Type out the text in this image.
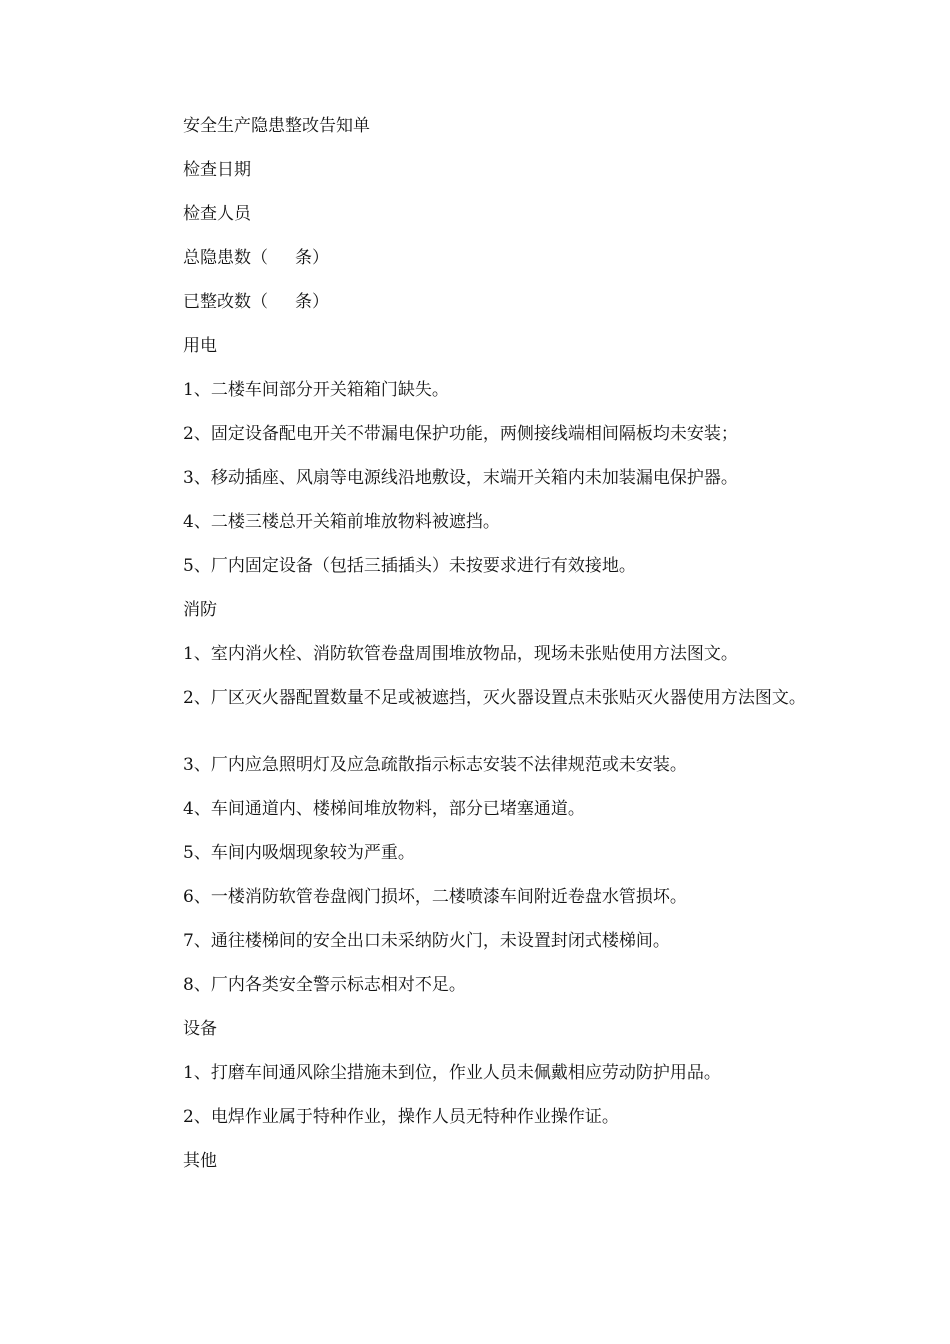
安全生产隐患整改告知单
检查日期
检查人员
总隐患数（     条）
已整改数（     条）
用电
1、二楼车间部分开关箱箱门缺失。
2、固定设备配电开关不带漏电保护功能，两侧接线端相间隔板均未安装；
3、移动插座、风扇等电源线沿地敷设，末端开关箱内未加装漏电保护器。
4、二楼三楼总开关箱前堆放物料被遮挡。
5、厂内固定设备（包括三插插头）未按要求进行有效接地。
消防
1、室内消火栓、消防软管卷盘周围堆放物品，现场未张贴使用方法图文。
2、厂区灭火器配置数量不足或被遮挡，灭火器设置点未张贴灭火器使用方法图文。
3、厂内应急照明灯及应急疏散指示标志安装不法律规范或未安装。
4、车间通道内、楼梯间堆放物料，部分已堵塞通道。
5、车间内吸烟现象较为严重。
6、一楼消防软管卷盘阀门损坏，二楼喷漆车间附近卷盘水管损坏。
7、通往楼梯间的安全出口未采纳防火门，未设置封闭式楼梯间。
8、厂内各类安全警示标志相对不足。
设备
1、打磨车间通风除尘措施未到位，作业人员未佩戴相应劳动防护用品。
2、电焊作业属于特种作业，操作人员无特种作业操作证。
其他
